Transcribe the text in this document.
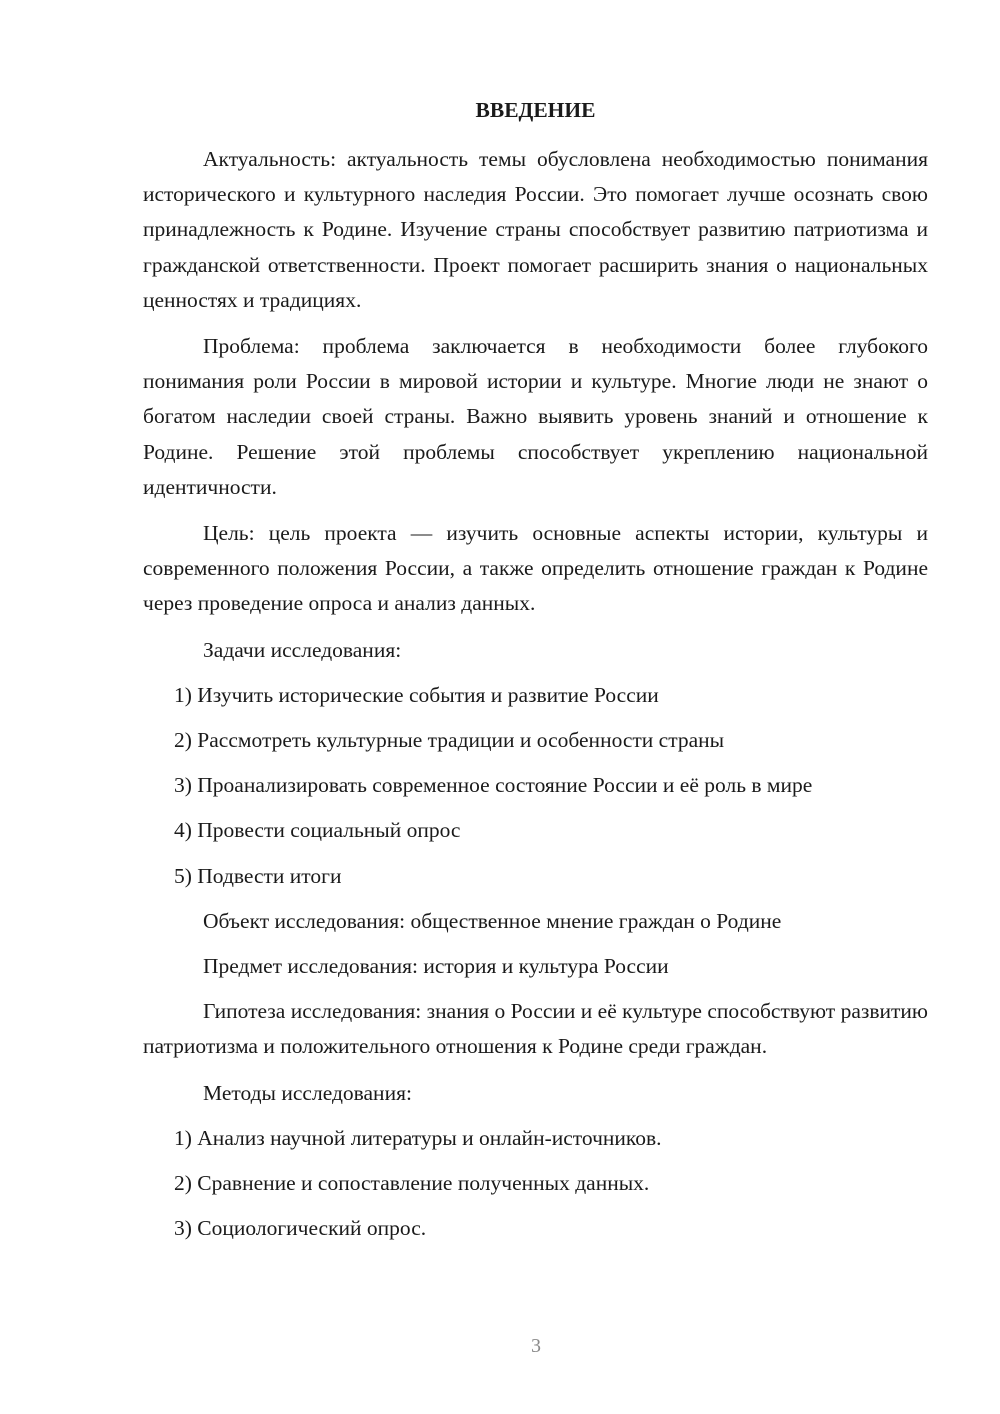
ВВЕДЕНИЕ

Актуальность: актуальность темы обусловлена необходимостью понимания исторического и культурного наследия России. Это помогает лучше осознать свою принадлежность к Родине. Изучение страны способствует развитию патриотизма и гражданской ответственности. Проект помогает расширить знания о национальных ценностях и традициях.

Проблема: проблема заключается в необходимости более глубокого понимания роли России в мировой истории и культуре. Многие люди не знают о богатом наследии своей страны. Важно выявить уровень знаний и отношение к Родине. Решение этой проблемы способствует укреплению национальной идентичности.

Цель: цель проекта — изучить основные аспекты истории, культуры и современного положения России, а также определить отношение граждан к Родине через проведение опроса и анализ данных.

Задачи исследования:
1) Изучить исторические события и развитие России
2) Рассмотреть культурные традиции и особенности страны
3) Проанализировать современное состояние России и её роль в мире
4) Провести социальный опрос
5) Подвести итоги
Объект исследования: общественное мнение граждан о Родине
Предмет исследования: история и культура России

Гипотеза исследования: знания о России и её культуре способствуют развитию патриотизма и положительного отношения к Родине среди граждан.

Методы исследования:
1) Анализ научной литературы и онлайн-источников.
2) Сравнение и сопоставление полученных данных.
3) Социологический опрос.
3
